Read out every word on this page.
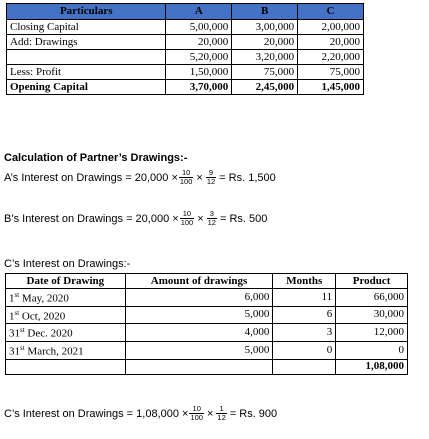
Particulars	A	B	C
Closing Capital	5,00,000	3,00,000	2,00,000
Add: Drawings	20,000	20,000	20,000
	5,20,000	3,20,000	2,20,000
Less: Profit	1,50,000	75,000	75,000
Opening Capital	3,70,000	2,45,000	1,45,000
Calculation of Partner’s Drawings:-
A’s Interest on Drawings = $20,000 \times \frac{10}{100} \times \frac{9}{12} = Rs$. 1,500
B’s Interest on Drawings = $20,000 \times \frac{10}{100} \times \frac{3}{12} = Rs$. 500
C’s Interest on Drawings:-
Date of Drawing	Amount of drawings	Months	Product
1st May, 2020	6,000	11	66,000
1st Oct, 2020	5,000	6	30,000
31st Dec. 2020	4,000	3	12,000
31st March, 2021	5,000	0	0
			1,08,000
C’s Interest on Drawings = $1,08,000 \times \frac{10}{100} \times \frac{1}{12} = Rs$. 900
